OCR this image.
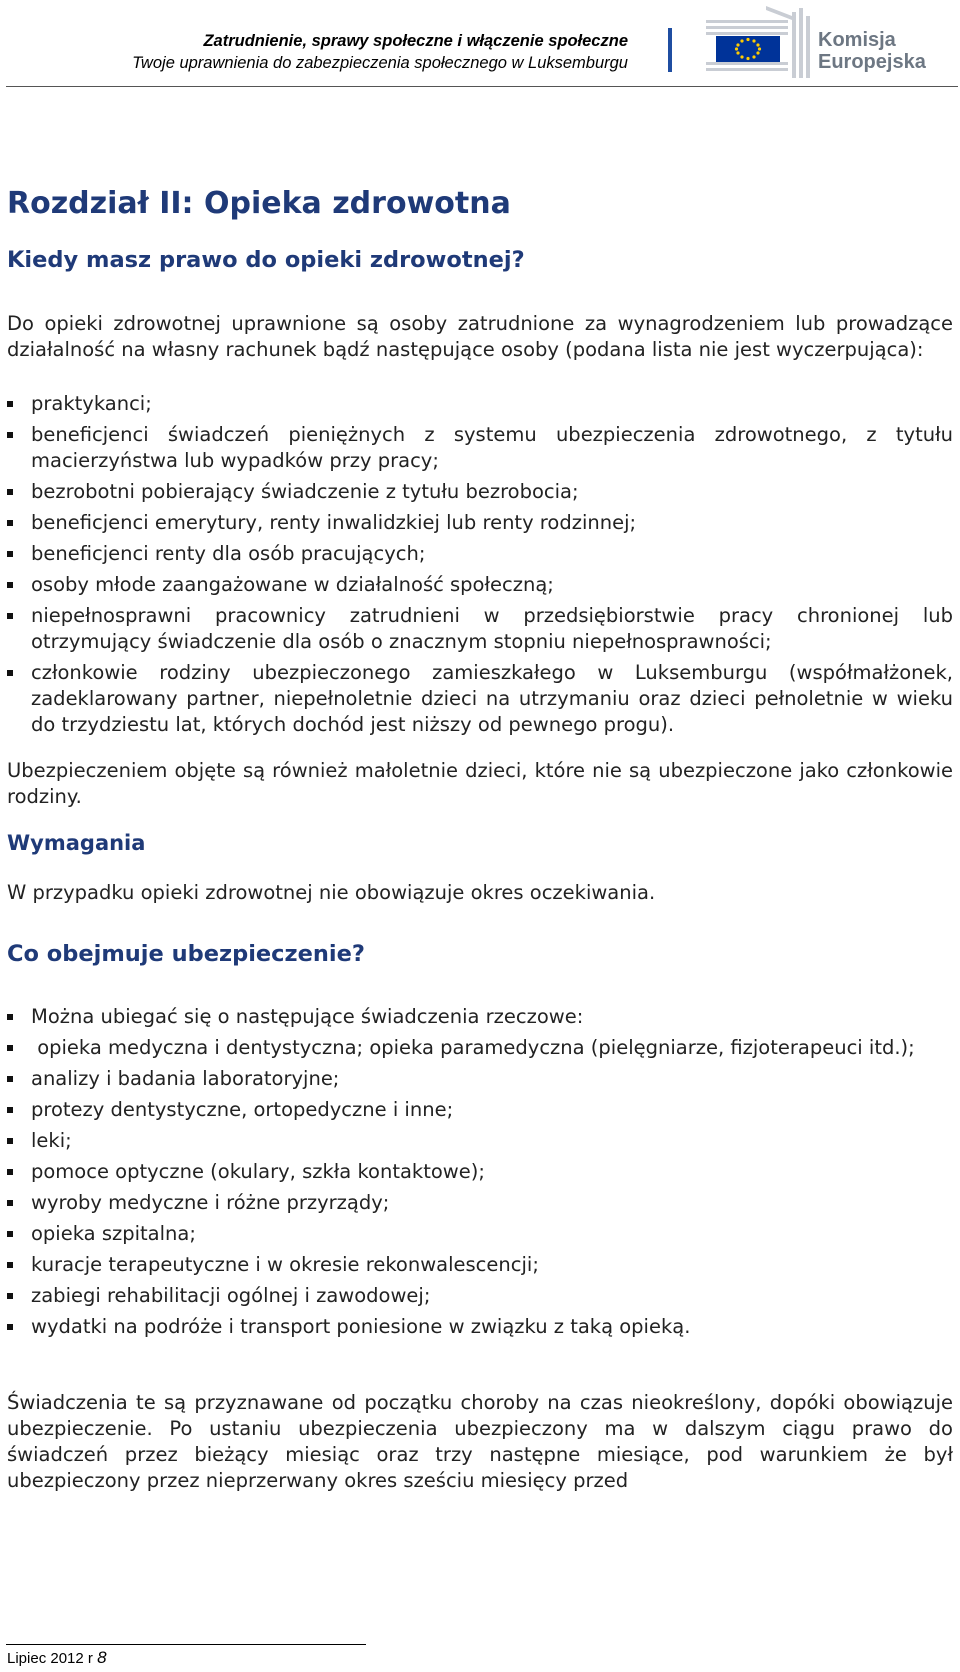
Zatrudnienie, sprawy społeczne i włączenie społeczne
Twoje uprawnienia do zabezpieczenia społecznego w Luksemburgu
Komisja
Europejska
Rozdział II: Opieka zdrowotna
Kiedy masz prawo do opieki zdrowotnej?

Do opieki zdrowotnej uprawnione są osoby zatrudnione za wynagrodzeniem lub prowadzące działalność na własny rachunek bądź następujące osoby (podana lista nie jest wyczerpująca):

praktykanci;
beneficjenci świadczeń pieniężnych z systemu ubezpieczenia zdrowotnego, z tytułu macierzyństwa lub wypadków przy pracy;
bezrobotni pobierający świadczenie z tytułu bezrobocia;
beneficjenci emerytury, renty inwalidzkiej lub renty rodzinnej;
beneficjenci renty dla osób pracujących;
osoby młode zaangażowane w działalność społeczną;
niepełnosprawni pracownicy zatrudnieni w przedsiębiorstwie pracy chronionej lub otrzymujący świadczenie dla osób o znacznym stopniu niepełnosprawności;
członkowie rodziny ubezpieczonego zamieszkałego w Luksemburgu (współmałżonek, zadeklarowany partner, niepełnoletnie dzieci na utrzymaniu oraz dzieci pełnoletnie w wieku do trzydziestu lat, których dochód jest niższy od pewnego progu).

Ubezpieczeniem objęte są również małoletnie dzieci, które nie są ubezpieczone jako członkowie rodziny.

Wymagania

W przypadku opieki zdrowotnej nie obowiązuje okres oczekiwania.

Co obejmuje ubezpieczenie?
Można ubiegać się o następujące świadczenia rzeczowe:
opieka medyczna i dentystyczna; opieka paramedyczna (pielęgniarze, fizjoterapeuci itd.);
analizy i badania laboratoryjne;
protezy dentystyczne, ortopedyczne i inne;
leki;
pomoce optyczne (okulary, szkła kontaktowe);
wyroby medyczne i różne przyrządy;
opieka szpitalna;
kuracje terapeutyczne i w okresie rekonwalescencji;
zabiegi rehabilitacji ogólnej i zawodowej;
wydatki na podróże i transport poniesione w związku z taką opieką.

Świadczenia te są przyznawane od początku choroby na czas nieokreślony, dopóki obowiązuje ubezpieczenie. Po ustaniu ubezpieczenia ubezpieczony ma w dalszym ciągu prawo do świadczeń przez bieżący miesiąc oraz trzy następne miesiące, pod warunkiem że był ubezpieczony przez nieprzerwany okres sześciu miesięcy przed

Lipiec 2012 r 8
